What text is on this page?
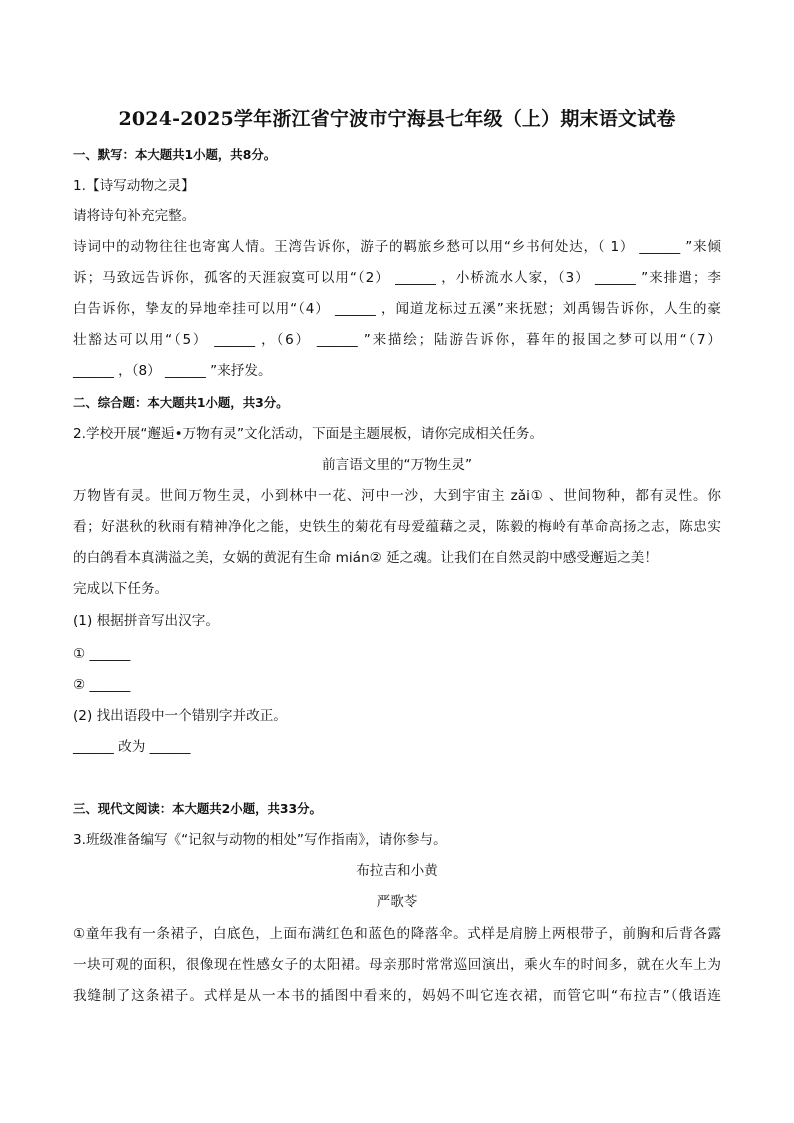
2024-2025学年浙江省宁波市宁海县七年级（上）期末语文试卷
一、默写：本大题共1小题，共8分。
1.【诗写动物之灵】
请将诗句补充完整。
诗词中的动物往往也寄寓人情。王湾告诉你，游子的羁旅乡愁可以用“乡书何处达，（ 1） ______ ”来倾
诉；马致远告诉你，孤客的天涯寂寞可以用“（2） ______ ，小桥流水人家，（3） ______ ”来排遣；李
白告诉你，挚友的异地牵挂可以用“（4） ______ ，闻道龙标过五溪”来抚慰；刘禹锡告诉你，人生的豪
壮豁达可以用“（5） ______ ，（6） ______ ”来描绘；陆游告诉你，暮年的报国之梦可以用“（7）
______ ，（8） ______ ”来抒发。
二、综合题：本大题共1小题，共3分。
2.学校开展“邂逅•万物有灵”文化活动，下面是主题展板，请你完成相关任务。
前言语文里的“万物生灵”
万物皆有灵。世间万物生灵，小到林中一花、河中一沙，大到宇宙主 zǎi① 、世间物种，都有灵性。你
看；好湛秋的秋雨有精神净化之能，史铁生的菊花有母爱蕴藉之灵，陈毅的梅岭有革命高扬之志，陈忠实
的白鸽看本真满溢之美，女娲的黄泥有生命 mián② 延之魂。让我们在自然灵韵中感受邂逅之美！
完成以下任务。
(1) 根据拼音写出汉字。
① ______
② ______
(2) 找出语段中一个错别字并改正。
______ 改为 ______
三、现代文阅读：本大题共2小题，共33分。
3.班级准备编写《“记叙与动物的相处”写作指南》，请你参与。
布拉吉和小黄
严歌苓
①童年我有一条裙子，白底色，上面布满红色和蓝色的降落伞。式样是肩膀上两根带子，前胸和后背各露
一块可观的面积，很像现在性感女子的太阳裙。母亲那时常常巡回演出，乘火车的时间多，就在火车上为
我缝制了这条裙子。式样是从一本书的插图中看来的，妈妈不叫它连衣裙，而管它叫“布拉吉”（俄语连
